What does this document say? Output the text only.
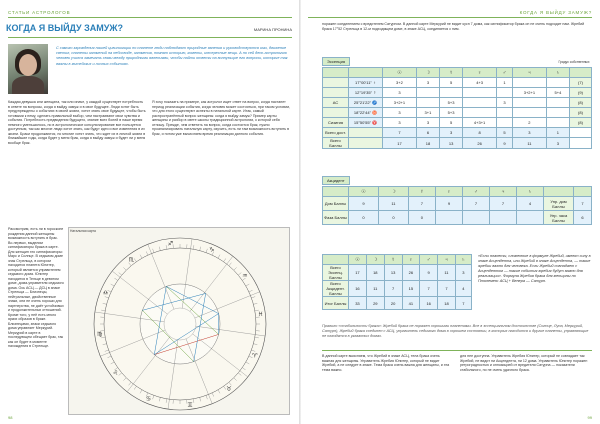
СТАТЬИ АСТРОЛОГОВ
КОГДА Я ВЫЙДУ ЗАМУЖ?	МАРИНА ПРОНИНА
С самого зарождения нашей цивилизации по планете люди наблюдают природные явления и руководствуются ими, движение светил, планеты затмений на небосводе, затмения, помнят историю, кометы, интересные вещи. А по сей день астрологию человек учился замечать связи между природными явлениями, чтобы найти ответы на волнующие его вопросы, которые так важны в житейских и личных событиях.
Каждая девушка или женщина, так или иначе, у каждой существует потребность в ответе на вопросы, когда я выйду замуж и в свое будущее. Люди хотят быть предупреждены о событиях в своей жизни, хотят знать свое будущее, чтобы быть готовыми к нему, сделать правильный выбор, чем настраивают свои чувства и события. Потребность предвидения будущего, знание всех болей в наше время немного уменьшилось, но в астрологическое консультирование все пользуется доступным, так как многие люди хотят знать, как будут идти и все изменения в их жизни. Браки продолжаются, но многие хотят знать, что ждет их в личной жизни в ближайшие годы, когда будет у меня брак, когда я выйду замуж и будет ли у меня вообще брак.
Я хочу показать на примере, как астролог ищет ответ на вопрос, когда настанет период реализации события, когда человек может состояться, при таком условии, что для этого существуют аспекты в натальной карте. Итак, самый распространённый вопрос женщины: когда я выйду замуж? Пример карты женщины и разбор в свете школы традиционной астрологии, к которой себя отношу. Прежде, чем ответить на вопрос, когда состоится брак, нужно проанализировать натальную карту, изучить, есть ли там возможность вступить в брак, и потом уже вычисляем время реализации данного события.
Рассмотрим, есть ли в гороскопе рождения данной женщины возможность вступить в брак. Во-первых, выделим сигнификаторы брака в карте. Для женщин это сигнификаторы: Марс и Солнце. В седьмом доме знак Стрельца, в котором находится планета Юпитер, который является управителем седьмого дома. Юпитер находится в Тельце в девятом доме, дома-управителя седьмого дома. Ось АСЦ — ДСЦ в знаке Стрельца — Близнецы, нейтральные, двойственные знаки, они не очень хороши для партнерства, не даёт устойчивых и продолжительных отношений. Кроме того, у неё есть много ярких образов в браке. Близнецами, знаки седьмого дома управляет Меркурий. Меркурий в карте в последующем обещает брак, так как он будет в моменте нахождения в Стрельце.
♈
♉
♊
♋
♌
♍
♎
♏
♐
♑
♒
♓
Натальная карта
98
КОГДА Я ВЫЙДУ ЗАМУЖ?
поражен соединением с вредителем Сатурном. В данной карте Меркурий не видит кусп 7 дома, как сигнификатор брака он не очень подходит нам. Жребий брака 17°52 Стрельца в 12-м подходящем доме, в знаке АСЦ, соединяется с ним.
Эссенция	Градус собственных
		☉	☽	☿	♀	♂	♃	♄	
	17°00'11" ♀	3+2	3	5	4+3	1			(7)
	12°19'35" ☿	3					3+2+1	5+4	(9)
АС	25°21'22" ♐	3+2+1		5+3		3			(8)
	18°22'44" ♉	3	3+1	5+3					(8)
Сизигия	15°50'55" ♈	3	3	5	4+3+1		2		(8)
Всего дост.		7	6	3	8	5	3	1	
Всего Баллы		17	18	13	26	9	11	3	
Акцидент
	☉	☽	☿	♀	♂	♃	♄		
Дом Баллы	9	11	7	9	7	7	4	Упр. дом Баллы	7
Фаза Баллы	0	0	0					Упр. часа Баллы	6
	☉	☽	☿	♀	♂	♃	♄
Всего Эссенц. Баллы	17	18	13	26	9	11	3
Всего Акцидент. Баллы	16	11	7	15	7	7	4
Итог Баллы	33	29	20	41	16	18	7
«Если планеты, сложенные в формуле Жребий, имеют силу в знаке Асцендента, или Жребий в знаке Асцендента, — такие жребии важно для человека. Если Жребий совпадает с Асцендентом — такие события жребия будут важно для реализации». Формула Жребия брака для женщины по Птолемею: АСЦ + Венера — Сатурн.
Правило «стабильности брака»: Жребий брака не поражен хорошими планетами. Все в эссенциальном достоинстве (Солнце, Луна, Меркурий, Сатурн), Жребий брака соединен с АСЦ, управитель седьмого дома в хорошем состоянии, в которых находится и другие планеты, управляющие не находятся в указанных домах.
В данной карте выясняем, что Жребий в знаке АСЦ, тела брака очень важная для женщины. Управитель Жребия Юпитер, который не видит Жребий, а не следует в знаке. Тема брака очень важна для женщины, и эта тема важно.
для нее доступна. Управитель Жребия Юпитер, который не совпадает так Жребий, не видит ни Асцендента, ни 12 дома. Управитель Юпитер поражен ретроградностью и оппозицией от вредителя Сатурна — показатели стабильного, но не очень удачного брака.
99
